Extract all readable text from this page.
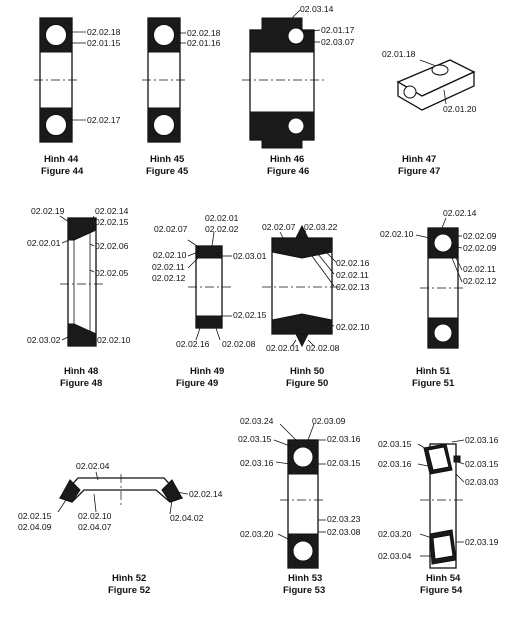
02.02.18
02.01.15
02.02.17
Hình 44
Figure 44
02.02.18
02.01.16
Hình 45
Figure 45
02.03.14
02.01.17
02.03.07
Hình 46
Figure 46
02.01.18
02.01.20
Hình 47
Figure 47
02.02.19	02.02.14
02.02.15
02.02.01	02.02.06
02.02.05
02.03.02	02.02.10
Hình 48
Figure 48
02.02.01
02.02.07 02.02.02
02.02.10	02.03.01
02.02.11
02.02.12
02.02.15
02.02.16 02.02.08
Hình 49
Figure 49
02.02.07 02.03.22
02.02.16
02.02.11
02.02.13
02.02.10
02.02.01 02.02.08
Hình 50
Figure 50
02.02.14
02.02.10	02.02.09
02.02.09
02.02.11
02.02.12
Hình 51
Figure 51
02.02.04
02.02.14
02.02.15
02.04.09
02.02.10
02.04.07
02.04.02
Hình 52
Figure 52
02.03.24	02.03.09
02.03.15	02.03.16
02.03.16	02.03.15
02.03.23
02.03.20	02.03.08
Hình 53
Figure 53
02.03.15	02.03.16
02.03.16	02.03.15
02.03.03
02.03.20
02.03.19
02.03.04
Hình 54
Figure 54
